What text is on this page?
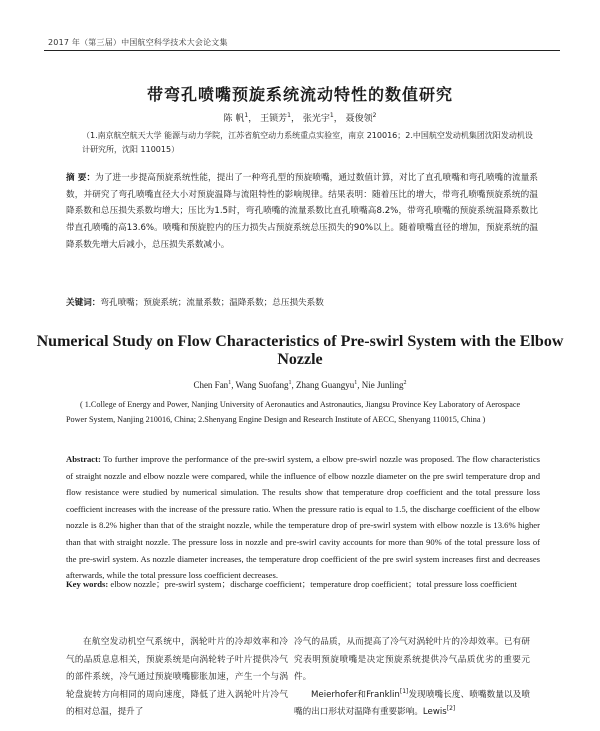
2017 年（第三届）中国航空科学技术大会论文集
带弯孔喷嘴预旋系统流动特性的数值研究
陈 帆$^1$， 王锁芳$^1$， 张光宇$^1$， 聂俊领$^2$
（1.南京航空航天大学 能源与动力学院，江苏省航空动力系统重点实验室，南京 210016；2.中国航空发动机集团沈阳发动机设计研究所，沈阳 110015）
摘 要：为了进一步提高预旋系统性能，提出了一种弯孔型的预旋喷嘴，通过数值计算，对比了直孔喷嘴和弯孔喷嘴的流量系数，并研究了弯孔喷嘴直径大小对预旋温降与流阻特性的影响规律。结果表明：随着压比的增大，带弯孔喷嘴预旋系统的温降系数和总压损失系数均增大；压比为1.5时，弯孔喷嘴的流量系数比直孔喷嘴高8.2%，带弯孔喷嘴的预旋系统温降系数比带直孔喷嘴的高13.6%。喷嘴和预旋腔内的压力损失占预旋系统总压损失的90%以上。随着喷嘴直径的增加，预旋系统的温降系数先增大后减小，总压损失系数减小。
关键词：弯孔喷嘴；预旋系统；流量系数；温降系数；总压损失系数
Numerical Study on Flow Characteristics of Pre-swirl System with the Elbow Nozzle
Chen Fan$^1$, Wang Suofang$^1$, Zhang Guangyu$^1$, Nie Junling$^2$
( 1.College of Energy and Power, Nanjing University of Aeronautics and Astronautics, Jiangsu Province Key Laboratory of Aerospace Power System, Nanjing 210016, China; 2.Shenyang Engine Design and Research Institute of AECC, Shenyang 110015, China )
Abstract: To further improve the performance of the pre-swirl system, a elbow pre-swirl nozzle was proposed. The flow characteristics of straight nozzle and elbow nozzle were compared, while the influence of elbow nozzle diameter on the pre swirl temperature drop and flow resistance were studied by numerical simulation. The results show that temperature drop coefficient and the total pressure loss coefficient increases with the increase of the pressure ratio. When the pressure ratio is equal to 1.5, the discharge coefficient of the elbow nozzle is 8.2% higher than that of the straight nozzle, while the temperature drop of pre-swirl system with elbow nozzle is 13.6% higher than that with straight nozzle. The pressure loss in nozzle and pre-swirl cavity accounts for more than 90% of the total pressure loss of the pre-swirl system. As nozzle diameter increases, the temperature drop coefficient of the pre swirl system increases first and decreases afterwards, while the total pressure loss coefficient decreases.
Key words: elbow nozzle；pre-swirl system；discharge coefficient；temperature drop coefficient；total pressure loss coefficient
在航空发动机空气系统中，涡轮叶片的冷却效率和冷气的品质息息相关，预旋系统是向涡轮转子叶片提供冷气的部件系统，冷气通过预旋喷嘴膨胀加速，产生一个与涡轮盘旋转方向相同的周向速度，降低了进入涡轮叶片冷气的相对总温，提升了
冷气的品质，从而提高了冷气对涡轮叶片的冷却效率。已有研究表明预旋喷嘴是决定预旋系统提供冷气品质优劣的重要元件。
Meierhofer和Franklin[1]发现喷嘴长度、喷嘴数量以及喷嘴的出口形状对温降有重要影响。Lewis[2]
